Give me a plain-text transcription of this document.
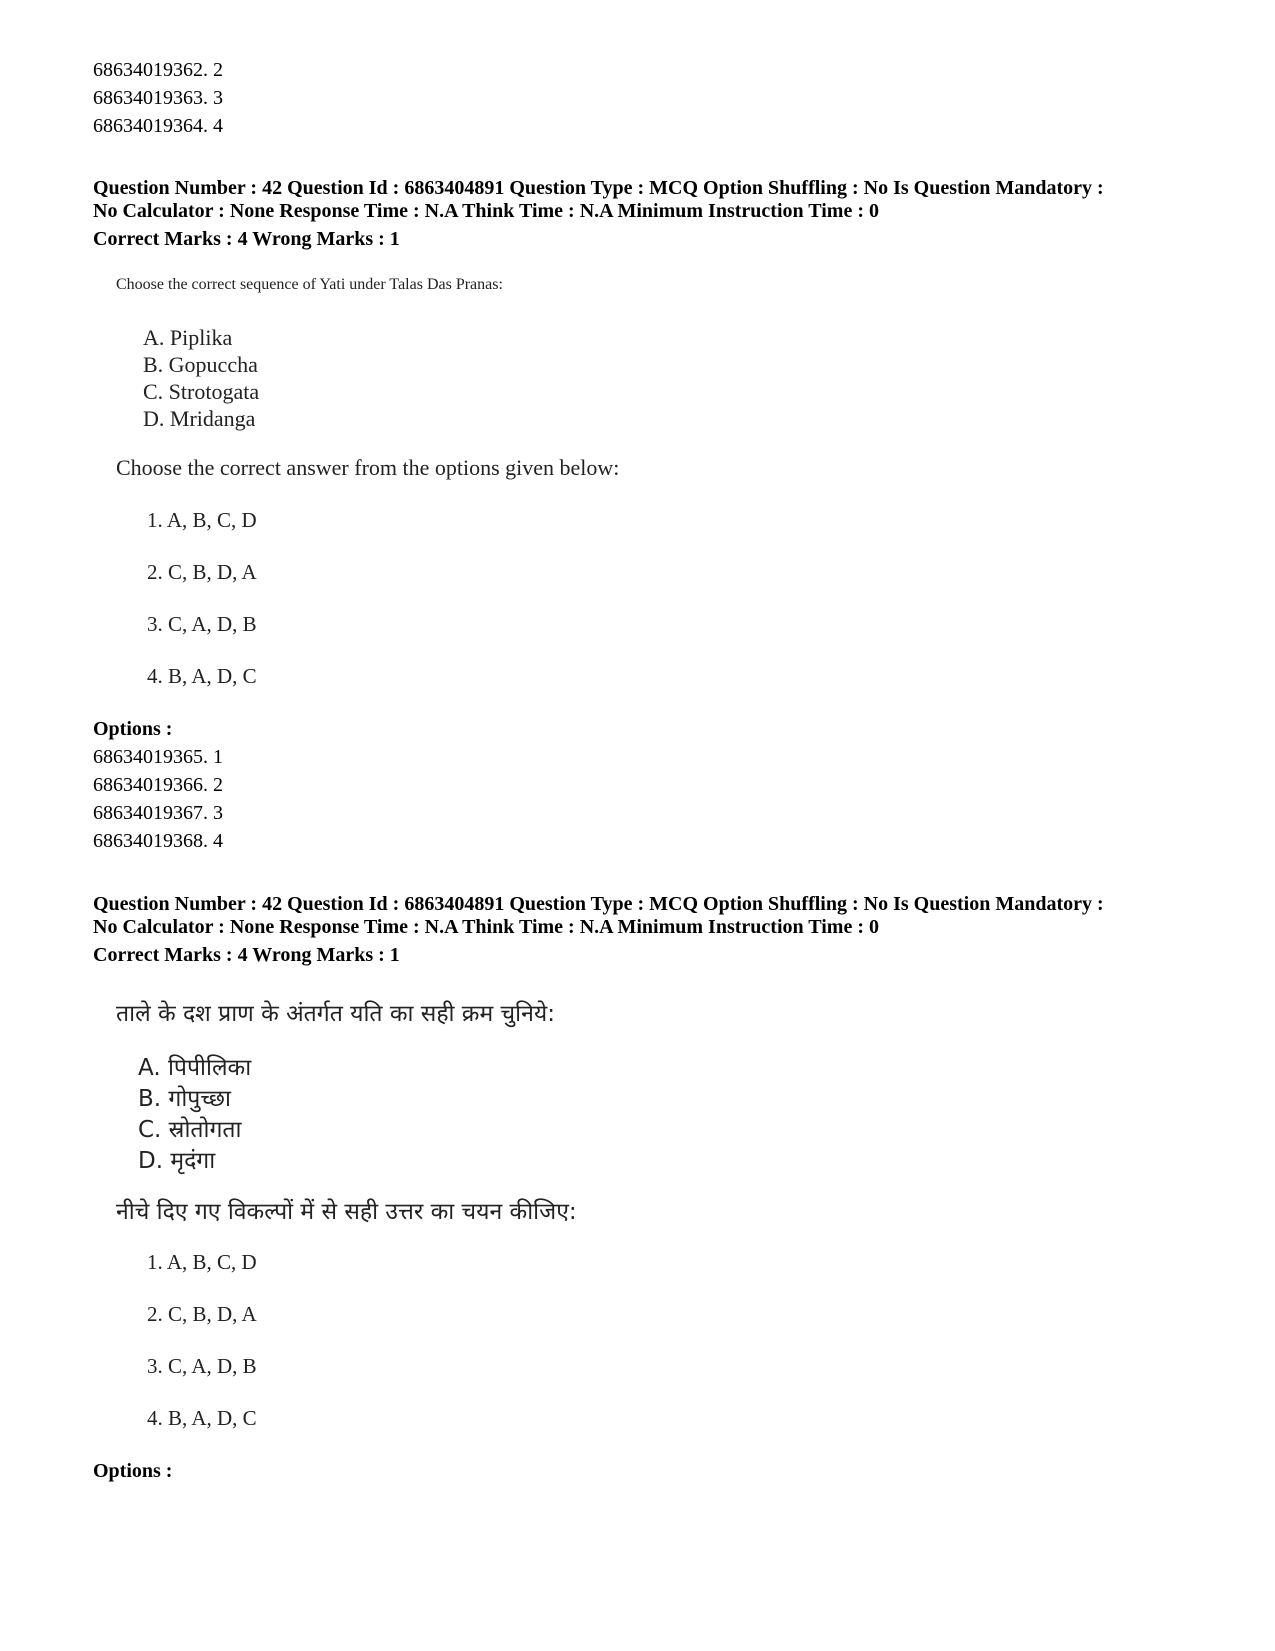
68634019362. 2
68634019363. 3
68634019364. 4
Question Number : 42 Question Id : 6863404891 Question Type : MCQ Option Shuffling : No Is Question Mandatory :
No Calculator : None Response Time : N.A Think Time : N.A Minimum Instruction Time : 0
Correct Marks : 4 Wrong Marks : 1
Choose the correct sequence of Yati under Talas Das Pranas:
A. Piplika
B. Gopuccha
C. Strotogata
D. Mridanga
Choose the correct answer from the options given below:
1. A, B, C, D
2. C, B, D, A
3. C, A, D, B
4. B, A, D, C
Options :
68634019365. 1
68634019366. 2
68634019367. 3
68634019368. 4
Question Number : 42 Question Id : 6863404891 Question Type : MCQ Option Shuffling : No Is Question Mandatory :
No Calculator : None Response Time : N.A Think Time : N.A Minimum Instruction Time : 0
Correct Marks : 4 Wrong Marks : 1
ताले के दश प्राण के अंतर्गत यति का सही क्रम चुनिये:
A. पिपीलिका
B. गोपुच्छा
C. स्रोतोगता
D. मृदंगा
नीचे दिए गए विकल्पों में से सही उत्तर का चयन कीजिए:
1. A, B, C, D
2. C, B, D, A
3. C, A, D, B
4. B, A, D, C
Options :
